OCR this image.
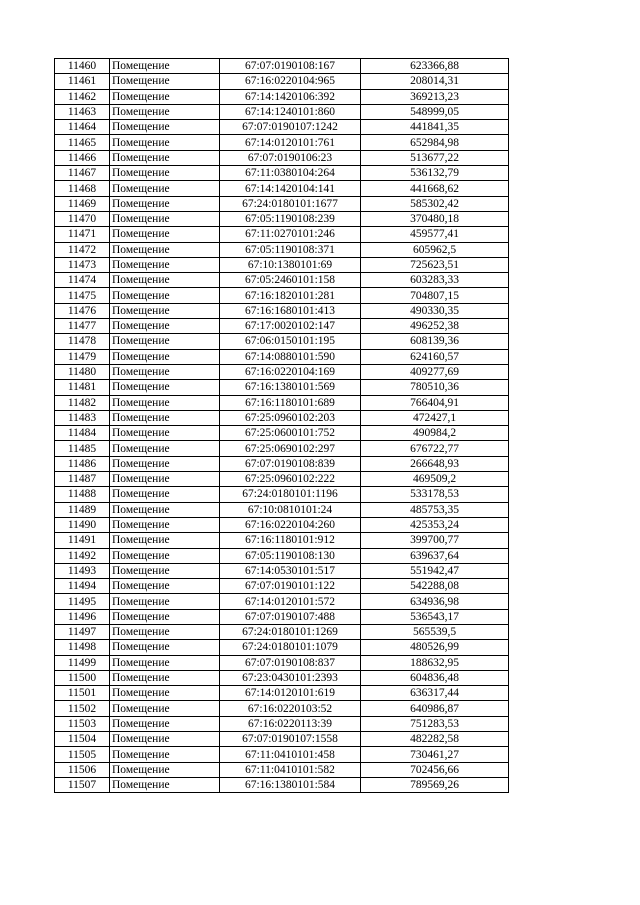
11460	Помещение	67:07:0190108:167	623366,88
11461	Помещение	67:16:0220104:965	208014,31
11462	Помещение	67:14:1420106:392	369213,23
11463	Помещение	67:14:1240101:860	548999,05
11464	Помещение	67:07:0190107:1242	441841,35
11465	Помещение	67:14:0120101:761	652984,98
11466	Помещение	67:07:0190106:23	513677,22
11467	Помещение	67:11:0380104:264	536132,79
11468	Помещение	67:14:1420104:141	441668,62
11469	Помещение	67:24:0180101:1677	585302,42
11470	Помещение	67:05:1190108:239	370480,18
11471	Помещение	67:11:0270101:246	459577,41
11472	Помещение	67:05:1190108:371	605962,5
11473	Помещение	67:10:1380101:69	725623,51
11474	Помещение	67:05:2460101:158	603283,33
11475	Помещение	67:16:1820101:281	704807,15
11476	Помещение	67:16:1680101:413	490330,35
11477	Помещение	67:17:0020102:147	496252,38
11478	Помещение	67:06:0150101:195	608139,36
11479	Помещение	67:14:0880101:590	624160,57
11480	Помещение	67:16:0220104:169	409277,69
11481	Помещение	67:16:1380101:569	780510,36
11482	Помещение	67:16:1180101:689	766404,91
11483	Помещение	67:25:0960102:203	472427,1
11484	Помещение	67:25:0600101:752	490984,2
11485	Помещение	67:25:0690102:297	676722,77
11486	Помещение	67:07:0190108:839	266648,93
11487	Помещение	67:25:0960102:222	469509,2
11488	Помещение	67:24:0180101:1196	533178,53
11489	Помещение	67:10:0810101:24	485753,35
11490	Помещение	67:16:0220104:260	425353,24
11491	Помещение	67:16:1180101:912	399700,77
11492	Помещение	67:05:1190108:130	639637,64
11493	Помещение	67:14:0530101:517	551942,47
11494	Помещение	67:07:0190101:122	542288,08
11495	Помещение	67:14:0120101:572	634936,98
11496	Помещение	67:07:0190107:488	536543,17
11497	Помещение	67:24:0180101:1269	565539,5
11498	Помещение	67:24:0180101:1079	480526,99
11499	Помещение	67:07:0190108:837	188632,95
11500	Помещение	67:23:0430101:2393	604836,48
11501	Помещение	67:14:0120101:619	636317,44
11502	Помещение	67:16:0220103:52	640986,87
11503	Помещение	67:16:0220113:39	751283,53
11504	Помещение	67:07:0190107:1558	482282,58
11505	Помещение	67:11:0410101:458	730461,27
11506	Помещение	67:11:0410101:582	702456,66
11507	Помещение	67:16:1380101:584	789569,26
